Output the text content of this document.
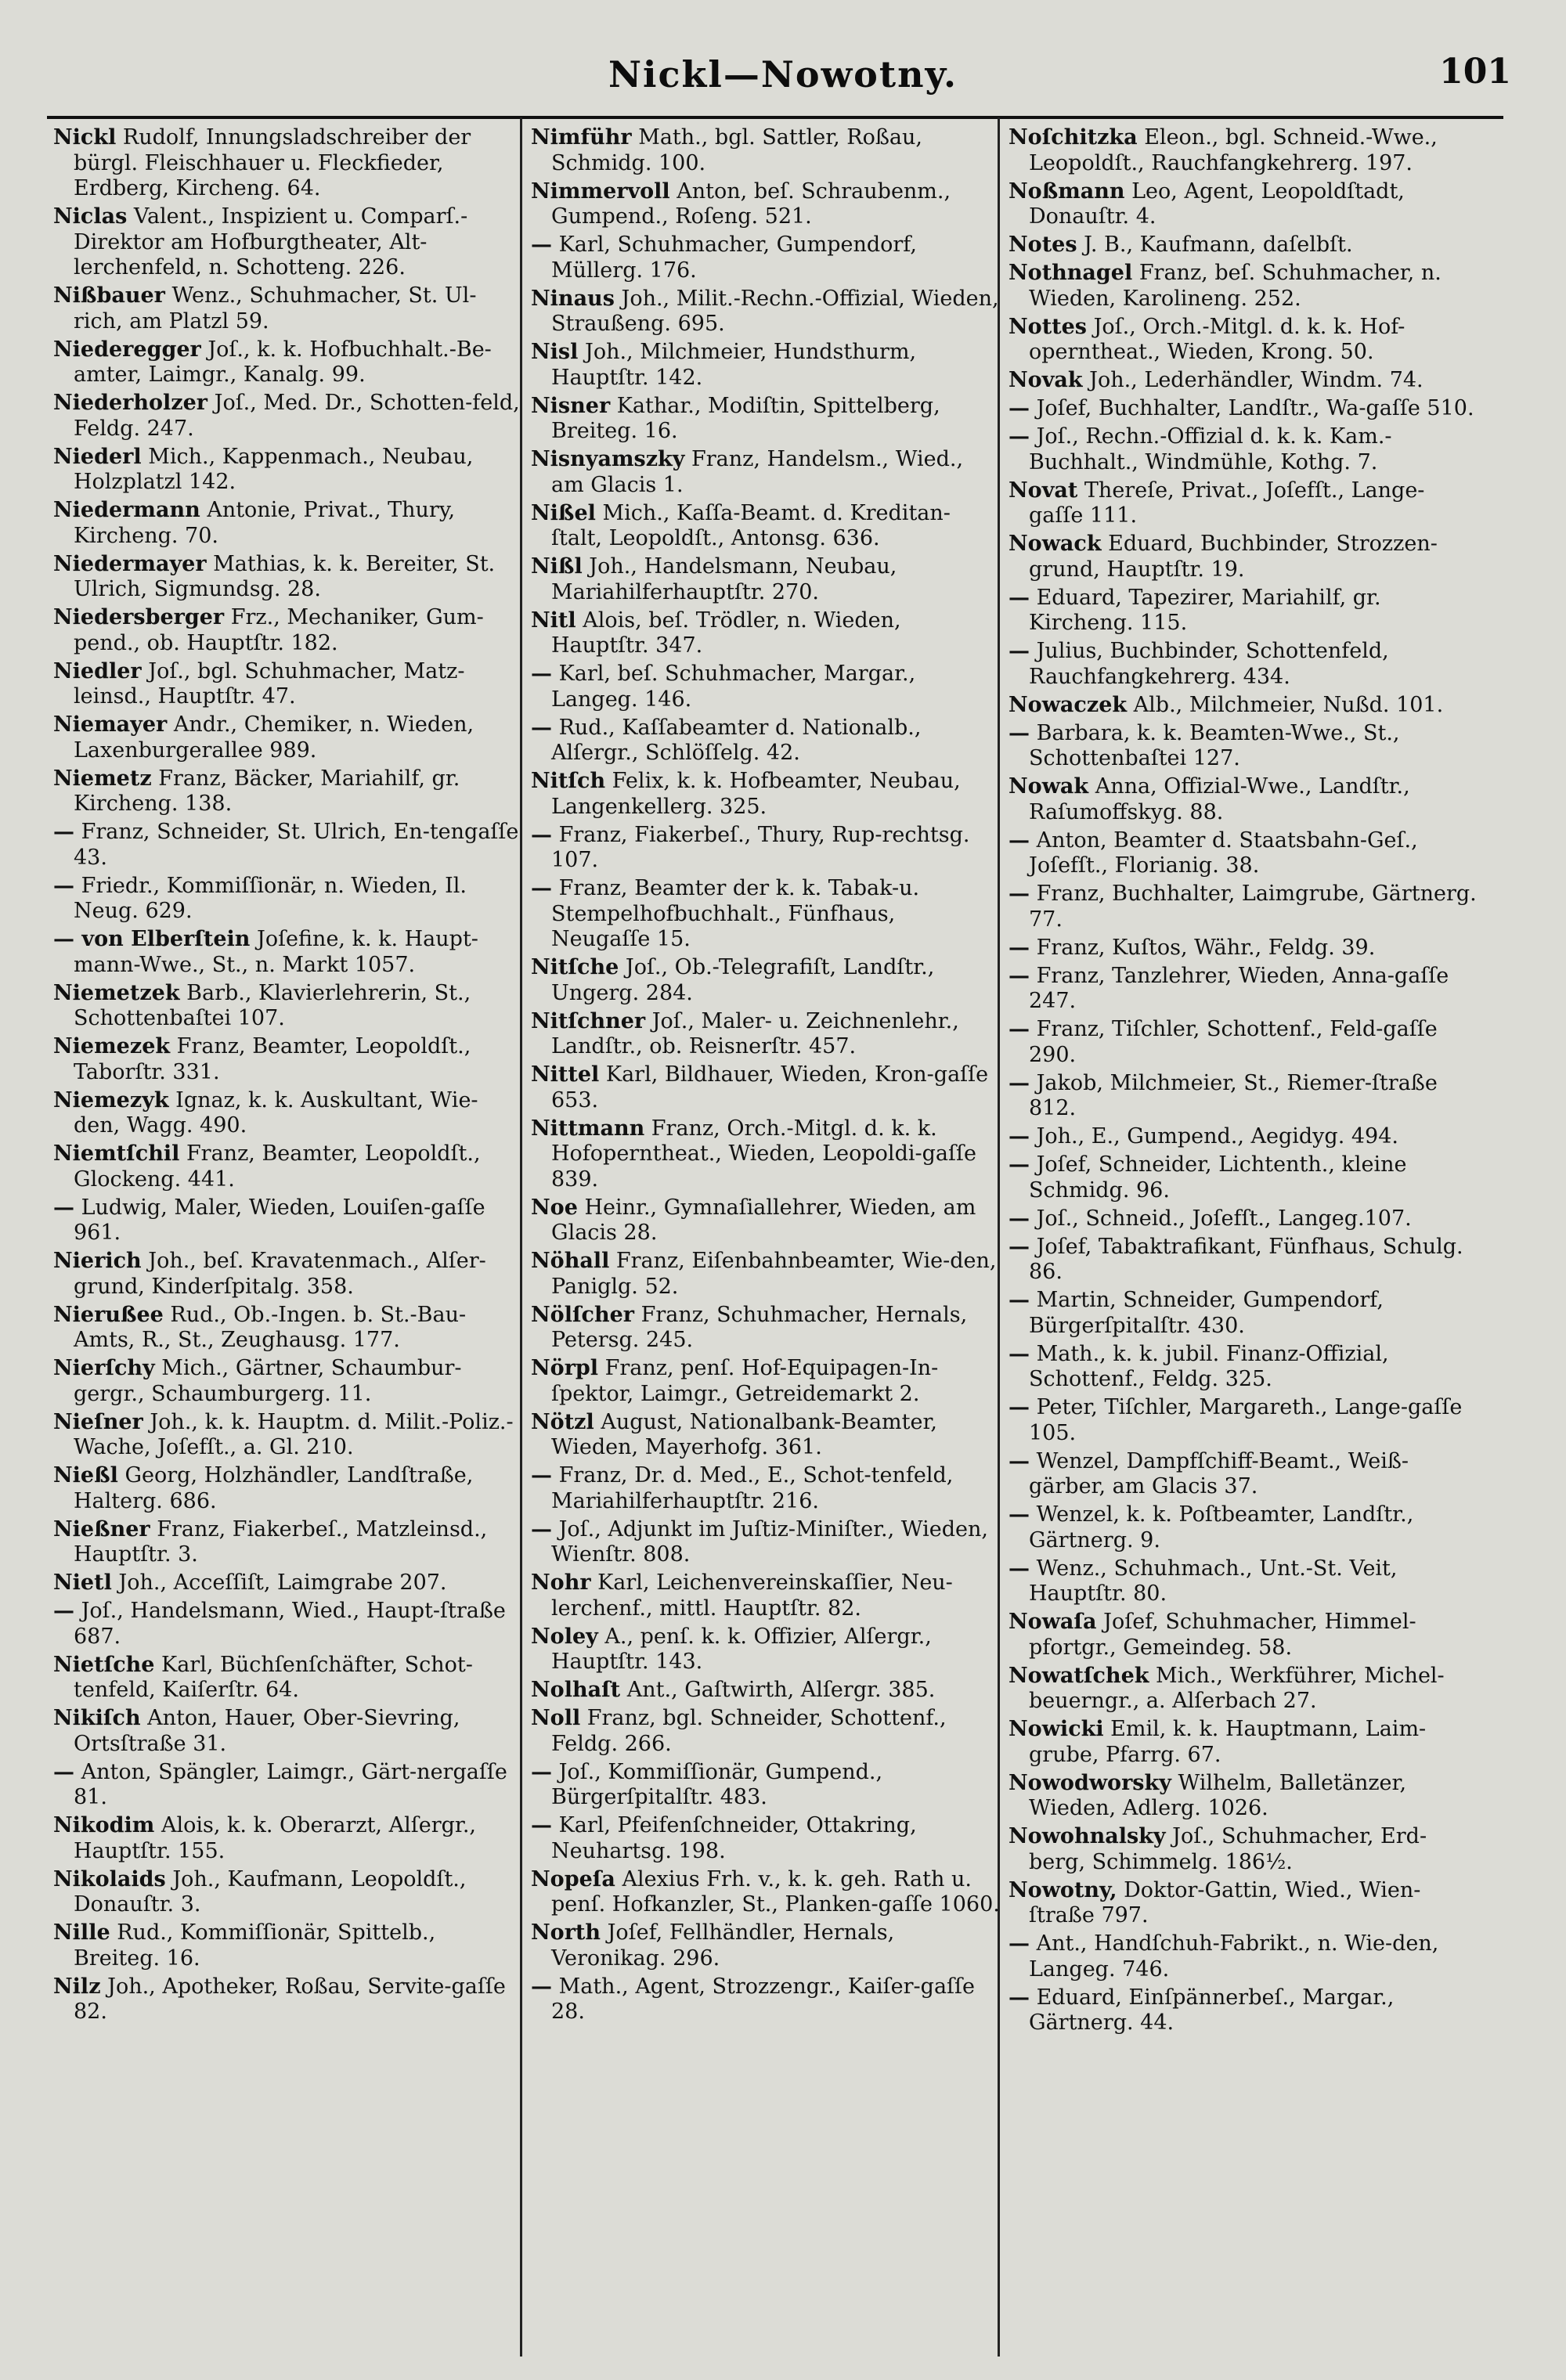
Nickl—Nowotny.	101

Nickl Rudolf, Innungsladschreiber der bürgl. Fleischhauer u. Fleckfieder, Erdberg, Kircheng. 64.

Niclas Valent., Inspizient u. Comparſ.-Direktor am Hofburgtheater, Alt-lerchenfeld, n. Schotteng. 226.

Nißbauer Wenz., Schuhmacher, St. Ul-rich, am Platzl 59.

Niederegger Joſ., k. k. Hofbuchhalt.-Be-amter, Laimgr., Kanalg. 99.

Niederholzer Joſ., Med. Dr., Schotten-feld, Feldg. 247.

Niederl Mich., Kappenmach., Neubau, Holzplatzl 142.

Niedermann Antonie, Privat., Thury, Kircheng. 70.

Niedermayer Mathias, k. k. Bereiter, St. Ulrich, Sigmundsg. 28.

Niedersberger Frz., Mechaniker, Gum-pend., ob. Hauptſtr. 182.

Niedler Joſ., bgl. Schuhmacher, Matz-leinsd., Hauptſtr. 47.

Niemayer Andr., Chemiker, n. Wieden, Laxenburgerallee 989.

Niemetz Franz, Bäcker, Mariahilf, gr. Kircheng. 138.

— Franz, Schneider, St. Ulrich, En-tengaſſe 43.

— Friedr., Kommiſſionär, n. Wieden, Il. Neug. 629.

— von Elberſtein Joſefine, k. k. Haupt-mann-Wwe., St., n. Markt 1057.

Niemetzek Barb., Klavierlehrerin, St., Schottenbaſtei 107.

Niemezek Franz, Beamter, Leopoldſt., Taborſtr. 331.

Niemezyk Ignaz, k. k. Auskultant, Wie-den, Wagg. 490.

Niemtſchil Franz, Beamter, Leopoldſt., Glockeng. 441.

— Ludwig, Maler, Wieden, Louiſen-gaſſe 961.

Nierich Joh., beſ. Kravatenmach., Alſer-grund, Kinderſpitalg. 358.

Nierußee Rud., Ob.-Ingen. b. St.-Bau-Amts, R., St., Zeughausg. 177.

Nierſchy Mich., Gärtner, Schaumbur-gergr., Schaumburgerg. 11.

Nieſner Joh., k. k. Hauptm. d. Milit.-Poliz.-Wache, Joſefſt., a. Gl. 210.

Nießl Georg, Holzhändler, Landſtraße, Halterg. 686.

Nießner Franz, Fiakerbeſ., Matzleinsd., Hauptſtr. 3.

Nietl Joh., Acceſſiſt, Laimgrabe 207.

— Joſ., Handelsmann, Wied., Haupt-ſtraße 687.

Nietſche Karl, Büchſenſchäfter, Schot-tenfeld, Kaiſerſtr. 64.

Nikiſch Anton, Hauer, Ober-Sievring, Ortsſtraße 31.

— Anton, Spängler, Laimgr., Gärt-nergaſſe 81.

Nikodim Alois, k. k. Oberarzt, Alſergr., Hauptſtr. 155.

Nikolaids Joh., Kaufmann, Leopoldſt., Donauſtr. 3.

Nille Rud., Kommiſſionär, Spittelb., Breiteg. 16.

Nilz Joh., Apotheker, Roßau, Servite-gaſſe 82.

Nimführ Math., bgl. Sattler, Roßau, Schmidg. 100.

Nimmervoll Anton, beſ. Schraubenm., Gumpend., Roſeng. 521.

— Karl, Schuhmacher, Gumpendorf, Müllerg. 176.

Ninaus Joh., Milit.-Rechn.-Offizial, Wieden, Straußeng. 695.

Nisl Joh., Milchmeier, Hundsthurm, Hauptſtr. 142.

Nisner Kathar., Modiſtin, Spittelberg, Breiteg. 16.

Nisnyamszky Franz, Handelsm., Wied., am Glacis 1.

Nißel Mich., Kaſſa-Beamt. d. Kreditan-ſtalt, Leopoldſt., Antonsg. 636.

Nißl Joh., Handelsmann, Neubau, Mariahilferhauptſtr. 270.

Nitl Alois, beſ. Trödler, n. Wieden, Hauptſtr. 347.

— Karl, beſ. Schuhmacher, Margar., Langeg. 146.

— Rud., Kaſſabeamter d. Nationalb., Alſergr., Schlöſſelg. 42.

Nitſch Felix, k. k. Hofbeamter, Neubau, Langenkellerg. 325.

— Franz, Fiakerbeſ., Thury, Rup-rechtsg. 107.

— Franz, Beamter der k. k. Tabak-u. Stempelhofbuchhalt., Fünfhaus, Neugaſſe 15.

Nitſche Joſ., Ob.-Telegrafiſt, Landſtr., Ungerg. 284.

Nitſchner Joſ., Maler- u. Zeichnenlehr., Landſtr., ob. Reisnerſtr. 457.

Nittel Karl, Bildhauer, Wieden, Kron-gaſſe 653.

Nittmann Franz, Orch.-Mitgl. d. k. k. Hofoperntheat., Wieden, Leopoldi-gaſſe 839.

Noe Heinr., Gymnaſiallehrer, Wieden, am Glacis 28.

Nöhall Franz, Eiſenbahnbeamter, Wie-den, Paniglg. 52.

Nölſcher Franz, Schuhmacher, Hernals, Petersg. 245.

Nörpl Franz, penſ. Hof-Equipagen-In-ſpektor, Laimgr., Getreidemarkt 2.

Nötzl August, Nationalbank-Beamter, Wieden, Mayerhofg. 361.

— Franz, Dr. d. Med., E., Schot-tenfeld, Mariahilferhauptſtr. 216.

— Joſ., Adjunkt im Juſtiz-Miniſter., Wieden, Wienſtr. 808.

Nohr Karl, Leichenvereinskaſſier, Neu-lerchenf., mittl. Hauptſtr. 82.

Noley A., penſ. k. k. Offizier, Alſergr., Hauptſtr. 143.

Nolhaſt Ant., Gaſtwirth, Alſergr. 385.

Noll Franz, bgl. Schneider, Schottenf., Feldg. 266.

— Joſ., Kommiſſionär, Gumpend., Bürgerſpitalſtr. 483.

— Karl, Pfeifenſchneider, Ottakring, Neuhartsg. 198.

Nopeſa Alexius Frh. v., k. k. geh. Rath u. penſ. Hofkanzler, St., Planken-gaſſe 1060.

North Joſef, Fellhändler, Hernals, Veronikag. 296.

— Math., Agent, Strozzengr., Kaiſer-gaſſe 28.

Noſchitzka Eleon., bgl. Schneid.-Wwe., Leopoldſt., Rauchfangkehrerg. 197.

Noßmann Leo, Agent, Leopoldſtadt, Donauſtr. 4.

Notes J. B., Kaufmann, daſelbſt.

Nothnagel Franz, beſ. Schuhmacher, n. Wieden, Karolineng. 252.

Nottes Joſ., Orch.-Mitgl. d. k. k. Hof-operntheat., Wieden, Krong. 50.

Novak Joh., Lederhändler, Windm. 74.

— Joſef, Buchhalter, Landſtr., Wa-gaſſe 510.

— Joſ., Rechn.-Offizial d. k. k. Kam.-Buchhalt., Windmühle, Kothg. 7.

Novat Thereſe, Privat., Joſefſt., Lange-gaſſe 111.

Nowack Eduard, Buchbinder, Strozzen-grund, Hauptſtr. 19.

— Eduard, Tapezirer, Mariahilf, gr. Kircheng. 115.

— Julius, Buchbinder, Schottenfeld, Rauchfangkehrerg. 434.

Nowaczek Alb., Milchmeier, Nußd. 101.

— Barbara, k. k. Beamten-Wwe., St., Schottenbaſtei 127.

Nowak Anna, Offizial-Wwe., Landſtr., Raſumoffskyg. 88.

— Anton, Beamter d. Staatsbahn-Geſ., Joſefſt., Florianig. 38.

— Franz, Buchhalter, Laimgrube, Gärtnerg. 77.

— Franz, Kuſtos, Währ., Feldg. 39.

— Franz, Tanzlehrer, Wieden, Anna-gaſſe 247.

— Franz, Tiſchler, Schottenf., Feld-gaſſe 290.

— Jakob, Milchmeier, St., Riemer-ſtraße 812.

— Joh., E., Gumpend., Aegidyg. 494.

— Joſef, Schneider, Lichtenth., kleine Schmidg. 96.

— Joſ., Schneid., Joſefſt., Langeg.107.

— Joſef, Tabaktrafikant, Fünfhaus, Schulg. 86.

— Martin, Schneider, Gumpendorf, Bürgerſpitalſtr. 430.

— Math., k. k. jubil. Finanz-Offizial, Schottenf., Feldg. 325.

— Peter, Tiſchler, Margareth., Lange-gaſſe 105.

— Wenzel, Dampfſchiff-Beamt., Weiß-gärber, am Glacis 37.

— Wenzel, k. k. Poſtbeamter, Landſtr., Gärtnerg. 9.

— Wenz., Schuhmach., Unt.-St. Veit, Hauptſtr. 80.

Nowaſa Joſef, Schuhmacher, Himmel-pfortgr., Gemeindeg. 58.

Nowatſchek Mich., Werkführer, Michel-beuerngr., a. Alſerbach 27.

Nowicki Emil, k. k. Hauptmann, Laim-grube, Pfarrg. 67.

Nowodworsky Wilhelm, Balletänzer, Wieden, Adlerg. 1026.

Nowohnalsky Joſ., Schuhmacher, Erd-berg, Schimmelg. 186½.

Nowotny, Doktor-Gattin, Wied., Wien-ſtraße 797.

— Ant., Handſchuh-Fabrikt., n. Wie-den, Langeg. 746.

— Eduard, Einſpännerbeſ., Margar., Gärtnerg. 44.
